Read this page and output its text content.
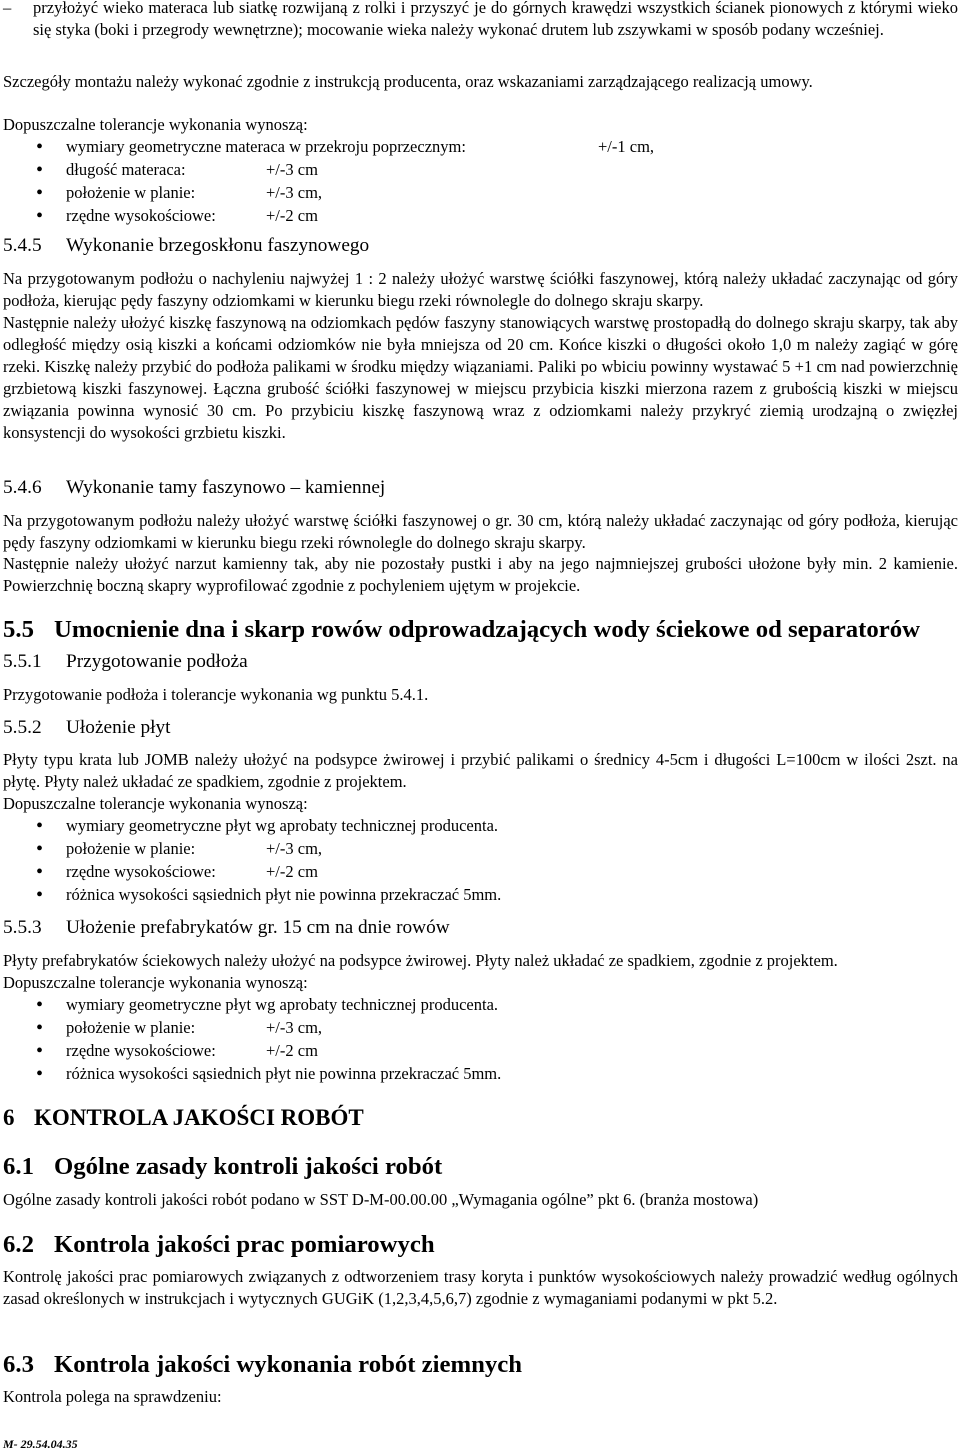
–	przyłożyć wieko materaca lub siatkę rozwijaną z rolki i przyszyć je do górnych krawędzi wszystkich ścianek pionowych z którymi wieko się styka (boki i przegrody wewnętrzne); mocowanie wieka należy wykonać drutem lub zszywkami w sposób podany wcześniej.

Szczegóły montażu należy wykonać zgodnie z instrukcją producenta, oraz wskazaniami zarządzającego realizacją umowy.

Dopuszczalne tolerancje wykonania wynoszą:

• wymiary geometryczne materaca w przekroju poprzecznym:	+/-1 cm,
• długość materaca:	+/-3 cm
• położenie w planie:	+/-3 cm,
• rzędne wysokościowe:	+/-2 cm
5.4.5	Wykonanie brzegoskłonu faszynowego

Na przygotowanym podłożu o nachyleniu najwyżej 1 : 2 należy ułożyć warstwę ściółki faszynowej, którą należy układać zaczynając od góry podłoża, kierując pędy faszyny odziomkami w kierunku biegu rzeki równolegle do dolnego skraju skarpy.

Następnie należy ułożyć kiszkę faszynową na odziomkach pędów faszyny stanowiących warstwę prostopadłą do dolnego skraju skarpy, tak aby odległość między osią kiszki a końcami odziomków nie była mniejsza od 20 cm. Końce kiszki o długości około 1,0 m należy zagiąć w górę rzeki. Kiszkę należy przybić do podłoża palikami w środku między wiązaniami. Paliki po wbiciu powinny wystawać 5 +1 cm nad powierzchnię grzbietową kiszki faszynowej. Łączna grubość ściółki faszynowej w miejscu przybicia kiszki mierzona razem z grubością kiszki w miejscu związania powinna wynosić 30 cm. Po przybiciu kiszkę faszynową wraz z odziomkami należy przykryć ziemią urodzajną o zwięzłej konsystencji do wysokości grzbietu kiszki.

5.4.6	Wykonanie tamy faszynowo – kamiennej

Na przygotowanym podłożu należy ułożyć warstwę ściółki faszynowej o gr. 30 cm, którą należy układać zaczynając od góry podłoża, kierując pędy faszyny odziomkami w kierunku biegu rzeki równolegle do dolnego skraju skarpy.

Następnie należy ułożyć narzut kamienny tak, aby nie pozostały pustki i aby na jego najmniejszej grubości ułożone były min. 2 kamienie. Powierzchnię boczną skapry wyprofilować zgodnie z pochyleniem ujętym w projekcie.

5.5 Umocnienie dna i skarp rowów odprowadzających wody ściekowe od separatorów
5.5.1	Przygotowanie podłoża

Przygotowanie podłoża i tolerancje wykonania wg punktu 5.4.1.

5.5.2	Ułożenie płyt

Płyty typu krata lub JOMB należy ułożyć na podsypce żwirowej i przybić palikami o średnicy 4-5cm i długości L=100cm w ilości 2szt. na płytę. Płyty należ układać ze spadkiem, zgodnie z projektem.

Dopuszczalne tolerancje wykonania wynoszą:

• wymiary geometryczne płyt wg aprobaty technicznej producenta.
• położenie w planie:	+/-3 cm,
• rzędne wysokościowe:	+/-2 cm
• różnica wysokości sąsiednich płyt nie powinna przekraczać 5mm.
5.5.3	Ułożenie prefabrykatów gr. 15 cm na dnie rowów

Płyty prefabrykatów ściekowych należy ułożyć na podsypce żwirowej. Płyty należ układać ze spadkiem, zgodnie z projektem.

Dopuszczalne tolerancje wykonania wynoszą:

• wymiary geometryczne płyt wg aprobaty technicznej producenta.
• położenie w planie:	+/-3 cm,
• rzędne wysokościowe:	+/-2 cm
• różnica wysokości sąsiednich płyt nie powinna przekraczać 5mm.
6 KONTROLA JAKOŚCI ROBÓT
6.1 Ogólne zasady kontroli jakości robót

Ogólne zasady kontroli jakości robót podano w SST D-M-00.00.00 „Wymagania ogólne” pkt 6. (branża mostowa)

6.2 Kontrola jakości prac pomiarowych

Kontrolę jakości prac pomiarowych związanych z odtworzeniem trasy koryta i punktów wysokościowych należy prowadzić według ogólnych zasad określonych w instrukcjach i wytycznych GUGiK (1,2,3,4,5,6,7) zgodnie z wymaganiami podanymi w pkt 5.2.

6.3 Kontrola jakości wykonania robót ziemnych

Kontrola polega na sprawdzeniu:

M- 29.54.04.35
